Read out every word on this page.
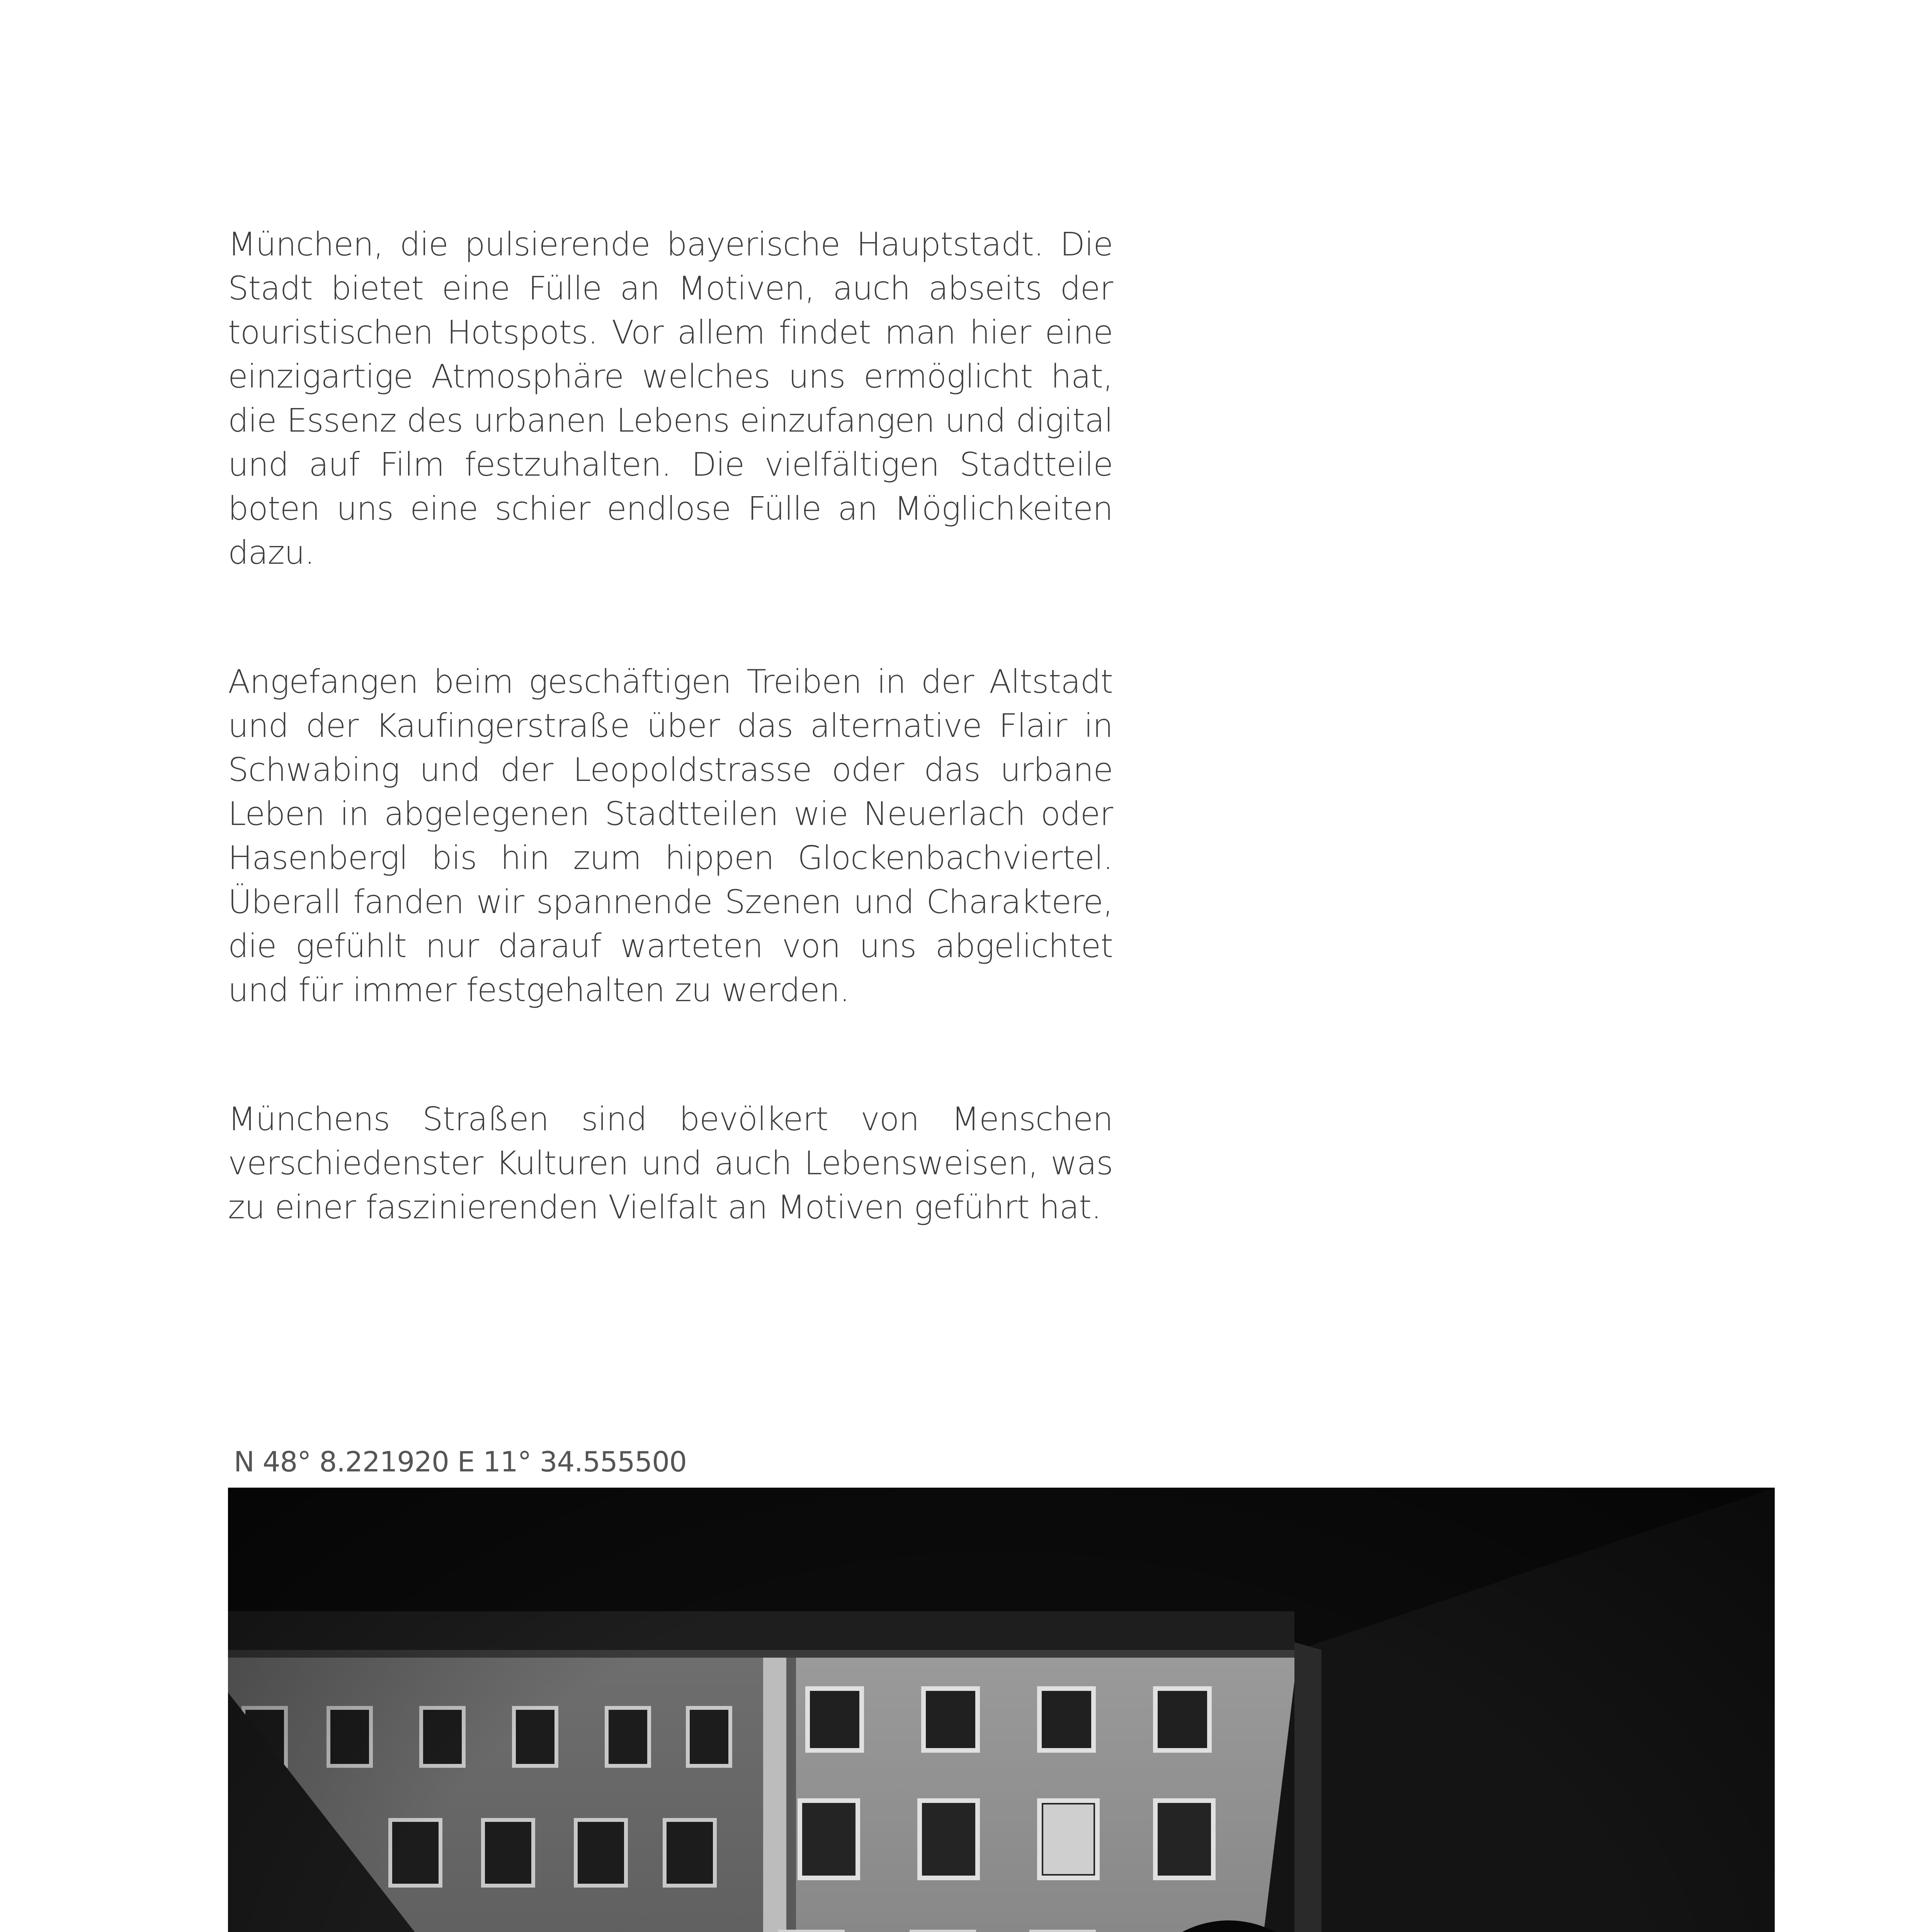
München, die pulsierende bayerische Hauptstadt. Die Stadt bietet eine Fülle an Motiven, auch abseits der touristischen Hotspots. Vor allem findet man hier eine einzigartige Atmosphäre welches uns ermöglicht hat, die Essenz des urbanen Lebens einzufangen und digital und auf Film festzuhalten. Die vielfältigen Stadtteile boten uns eine schier endlose Fülle an Möglichkeiten dazu.

Angefangen beim geschäftigen Treiben in der Altstadt und der Kaufingerstraße über das alternative Flair in Schwabing und der Leopoldstrasse oder das urbane Leben in abgelegenen Stadtteilen wie Neuerlach oder Hasenbergl bis hin zum hippen Glockenbachviertel. Überall fanden wir spannende Szenen und Charaktere, die gefühlt nur darauf warteten von uns abgelichtet und für immer festgehalten zu werden.

Münchens Straßen sind bevölkert von Menschen verschiedenster Kulturen und auch Lebensweisen, was zu einer faszinierenden Vielfalt an Motiven geführt hat.

N 48° 8.221920 E 11° 34.555500
